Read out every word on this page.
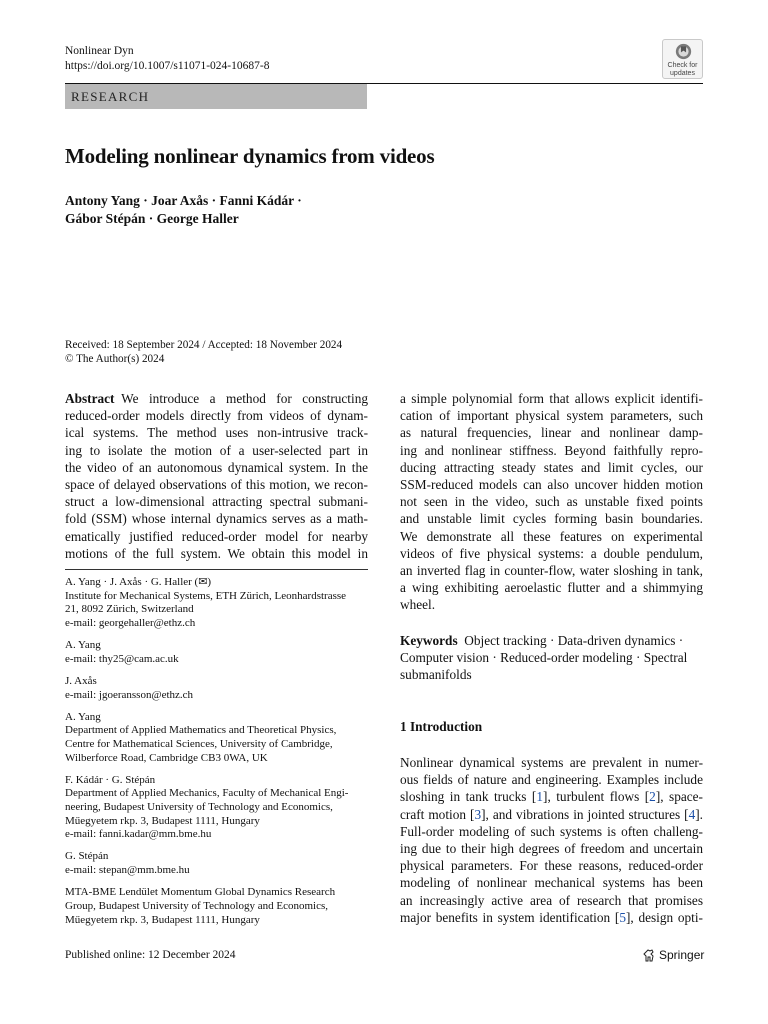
Nonlinear Dyn
https://doi.org/10.1007/s11071-024-10687-8	Check for
updates
RESEARCH
Modeling nonlinear dynamics from videos
Antony Yang · Joar Axås · Fanni Kádár ·
Gábor Stépán · George Haller
Received: 18 September 2024 / Accepted: 18 November 2024
© The Author(s) 2024
Abstract  We introduce a method for constructing
reduced-order models directly from videos of dynam-
ical systems. The method uses non-intrusive track-
ing to isolate the motion of a user-selected part in
the video of an autonomous dynamical system. In the
space of delayed observations of this motion, we recon-
struct a low-dimensional attracting spectral submani-
fold (SSM) whose internal dynamics serves as a math-
ematically justified reduced-order model for nearby
motions of the full system. We obtain this model in
a simple polynomial form that allows explicit identifi-
cation of important physical system parameters, such
as natural frequencies, linear and nonlinear damp-
ing and nonlinear stiffness. Beyond faithfully repro-
ducing attracting steady states and limit cycles, our
SSM-reduced models can also uncover hidden motion
not seen in the video, such as unstable fixed points
and unstable limit cycles forming basin boundaries.
We demonstrate all these features on experimental
videos of five physical systems: a double pendulum,
an inverted flag in counter-flow, water sloshing in tank,
a wing exhibiting aeroelastic flutter and a shimmying
wheel.
A. Yang · J. Axås · G. Haller (✉)
Institute for Mechanical Systems, ETH Zürich, Leonhardstrasse
21, 8092 Zürich, Switzerland
e-mail: georgehaller@ethz.ch
A. Yang
e-mail: thy25@cam.ac.uk
J. Axås
e-mail: jgoeransson@ethz.ch
A. Yang
Department of Applied Mathematics and Theoretical Physics,
Centre for Mathematical Sciences, University of Cambridge,
Wilberforce Road, Cambridge CB3 0WA, UK
F. Kádár · G. Stépán
Department of Applied Mechanics, Faculty of Mechanical Engi-
neering, Budapest University of Technology and Economics,
Műegyetem rkp. 3, Budapest 1111, Hungary
e-mail: fanni.kadar@mm.bme.hu
G. Stépán
e-mail: stepan@mm.bme.hu
MTA-BME Lendület Momentum Global Dynamics Research
Group, Budapest University of Technology and Economics,
Műegyetem rkp. 3, Budapest 1111, Hungary
Keywords Object tracking · Data-driven dynamics ·
Computer vision · Reduced-order modeling · Spectral
submanifolds
1 Introduction
Nonlinear dynamical systems are prevalent in numer-
ous fields of nature and engineering. Examples include
sloshing in tank trucks [1], turbulent flows [2], space-
craft motion [3], and vibrations in jointed structures [4].
Full-order modeling of such systems is often challeng-
ing due to their high degrees of freedom and uncertain
physical parameters. For these reasons, reduced-order
modeling of nonlinear mechanical systems has been
an increasingly active area of research that promises
major benefits in system identification [5], design opti-
Published online: 12 December 2024	Springer
